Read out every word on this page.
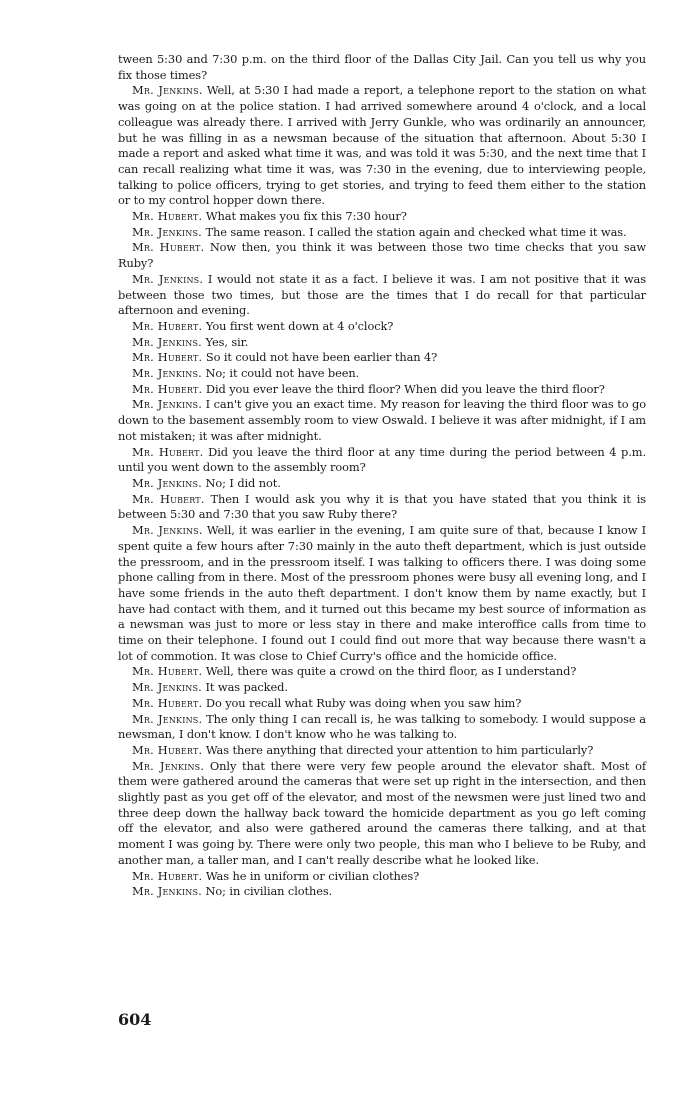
tween 5:30 and 7:30 p.m. on the third floor of the Dallas City Jail. Can you tell us why you fix those times?

Mr. Jenkins. Well, at 5:30 I had made a report, a telephone report to the station on what was going on at the police station. I had arrived somewhere around 4 o'clock, and a local colleague was already there. I arrived with Jerry Gunkle, who was ordinarily an announcer, but he was filling in as a newsman because of the situation that afternoon. About 5:30 I made a report and asked what time it was, and was told it was 5:30, and the next time that I can recall realizing what time it was, was 7:30 in the evening, due to interviewing people, talking to police officers, trying to get stories, and trying to feed them either to the station or to my control hopper down there.

Mr. Hubert. What makes you fix this 7:30 hour?

Mr. Jenkins. The same reason. I called the station again and checked what time it was.

Mr. Hubert. Now then, you think it was between those two time checks that you saw Ruby?

Mr. Jenkins. I would not state it as a fact. I believe it was. I am not positive that it was between those two times, but those are the times that I do recall for that particular afternoon and evening.

Mr. Hubert. You first went down at 4 o'clock?

Mr. Jenkins. Yes, sir.

Mr. Hubert. So it could not have been earlier than 4?

Mr. Jenkins. No; it could not have been.

Mr. Hubert. Did you ever leave the third floor? When did you leave the third floor?

Mr. Jenkins. I can't give you an exact time. My reason for leaving the third floor was to go down to the basement assembly room to view Oswald. I believe it was after midnight, if I am not mistaken; it was after midnight.

Mr. Hubert. Did you leave the third floor at any time during the period between 4 p.m. until you went down to the assembly room?

Mr. Jenkins. No; I did not.

Mr. Hubert. Then I would ask you why it is that you have stated that you think it is between 5:30 and 7:30 that you saw Ruby there?

Mr. Jenkins. Well, it was earlier in the evening, I am quite sure of that, because I know I spent quite a few hours after 7:30 mainly in the auto theft department, which is just outside the pressroom, and in the pressroom itself. I was talking to officers there. I was doing some phone calling from in there. Most of the pressroom phones were busy all evening long, and I have some friends in the auto theft department. I don't know them by name exactly, but I have had contact with them, and it turned out this became my best source of information as a newsman was just to more or less stay in there and make interoffice calls from time to time on their telephone. I found out I could find out more that way because there wasn't a lot of commotion. It was close to Chief Curry's office and the homicide office.

Mr. Hubert. Well, there was quite a crowd on the third floor, as I understand?

Mr. Jenkins. It was packed.

Mr. Hubert. Do you recall what Ruby was doing when you saw him?

Mr. Jenkins. The only thing I can recall is, he was talking to somebody. I would suppose a newsman, I don't know. I don't know who he was talking to.

Mr. Hubert. Was there anything that directed your attention to him particularly?

Mr. Jenkins. Only that there were very few people around the elevator shaft. Most of them were gathered around the cameras that were set up right in the intersection, and then slightly past as you get off of the elevator, and most of the newsmen were just lined two and three deep down the hallway back toward the homicide department as you go left coming off the elevator, and also were gathered around the cameras there talking, and at that moment I was going by. There were only two people, this man who I believe to be Ruby, and another man, a taller man, and I can't really describe what he looked like.

Mr. Hubert. Was he in uniform or civilian clothes?

Mr. Jenkins. No; in civilian clothes.

604
